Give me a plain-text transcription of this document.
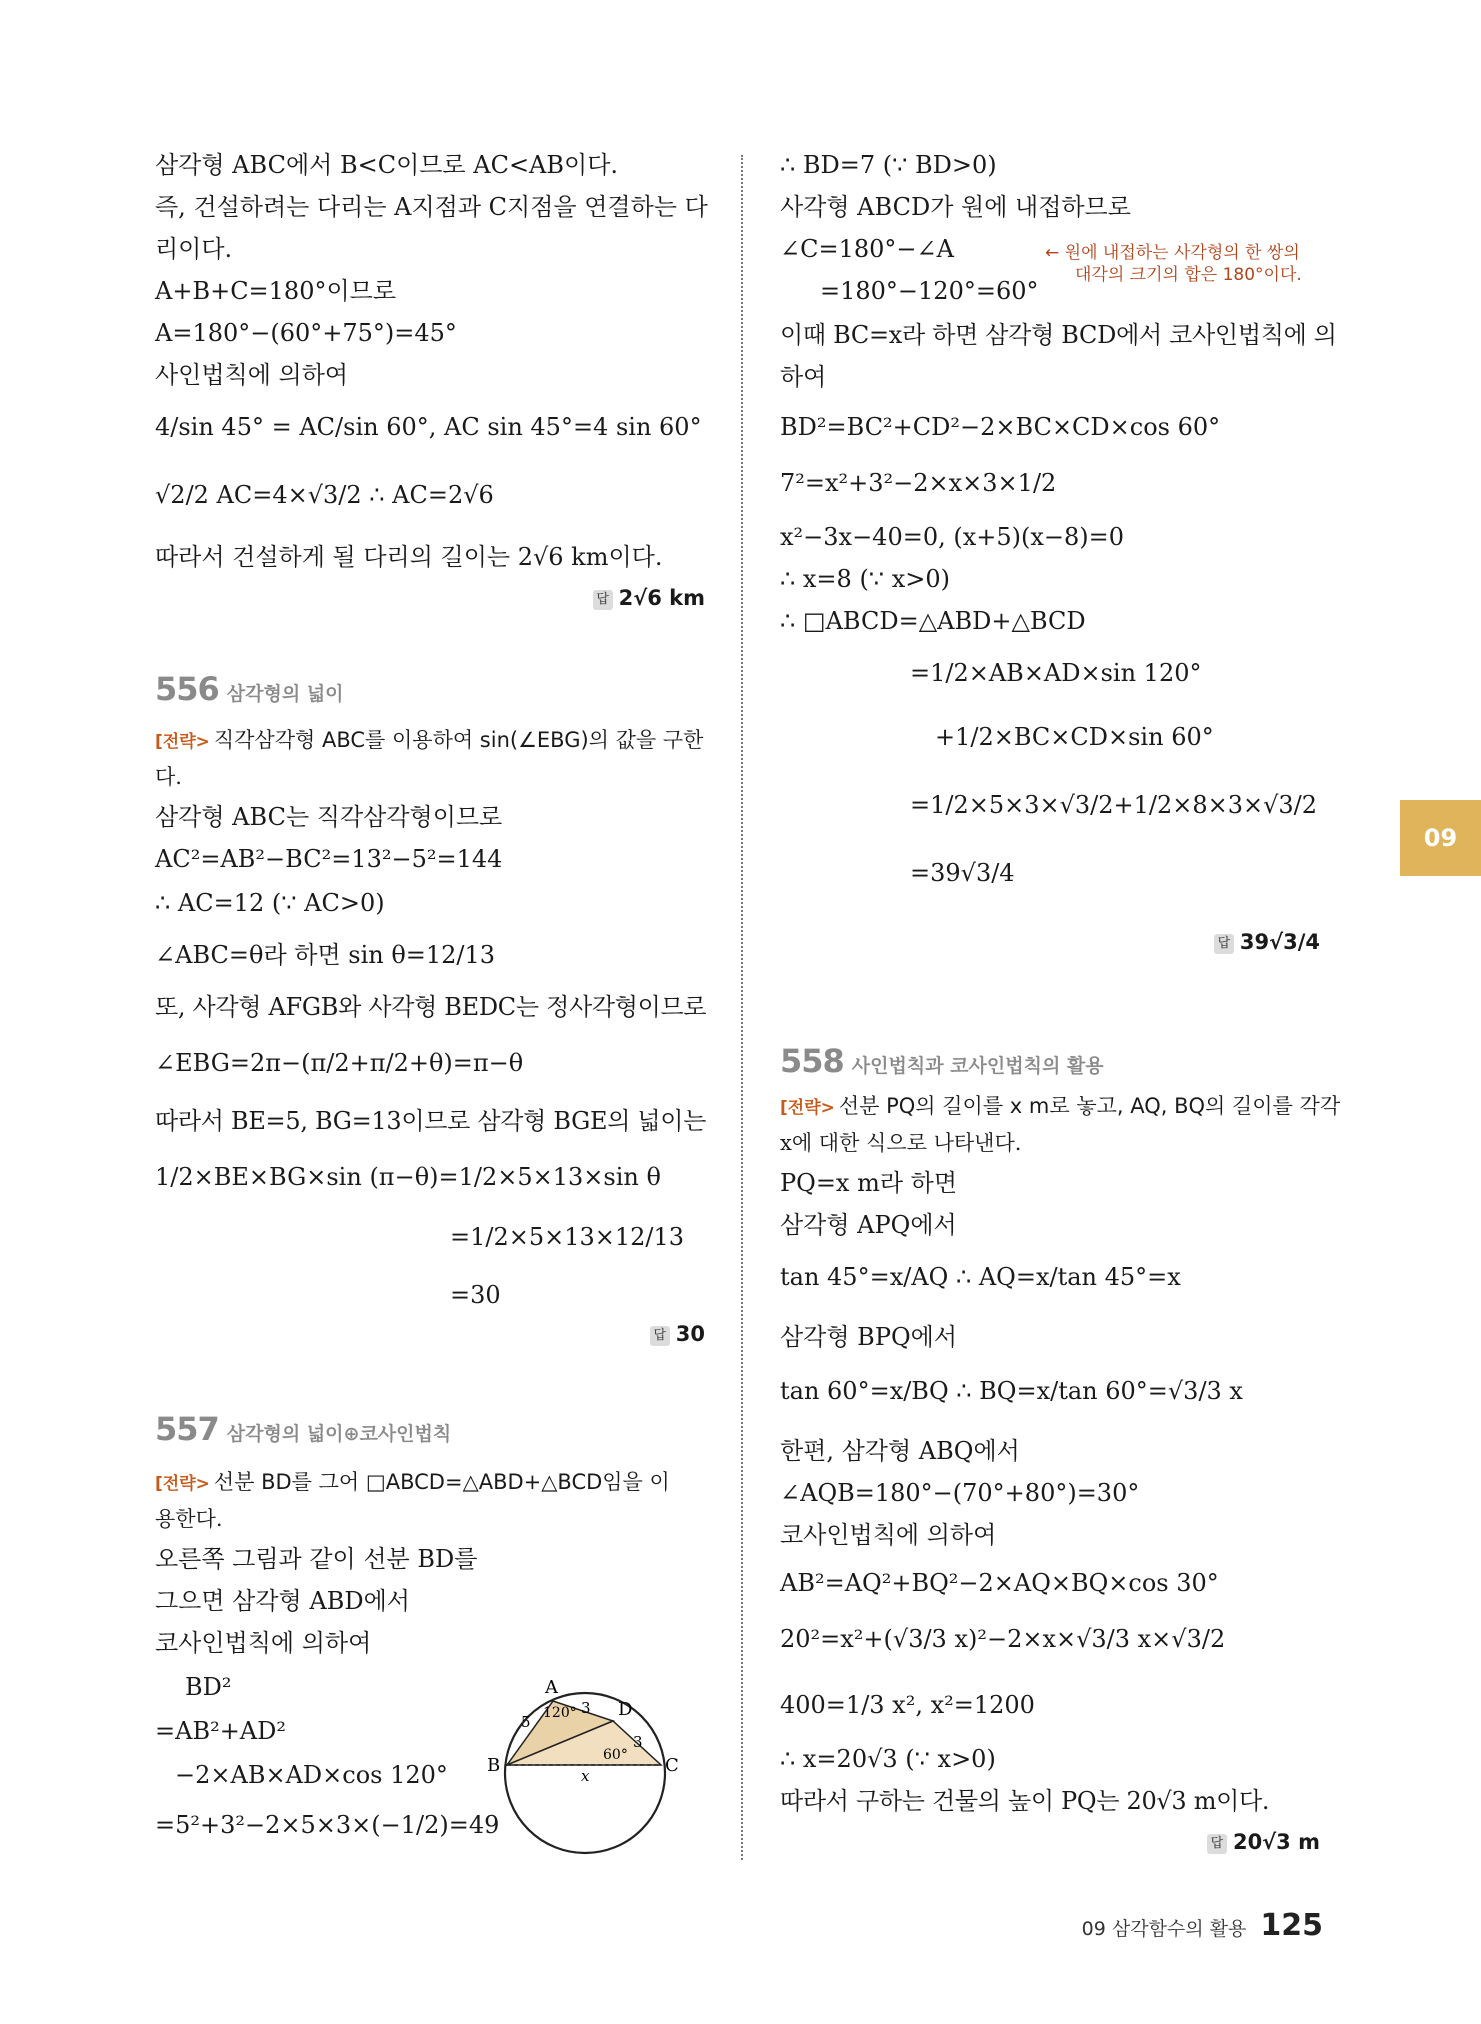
삼각형 ABC에서 B<C이므로 AC<AB이다.
즉, 건설하려는 다리는 A지점과 C지점을 연결하는 다
리이다.
A+B+C=180°이므로
A=180°−(60°+75°)=45°
사인법칙에 의하여
4/sin 45° = AC/sin 60°, AC sin 45°=4 sin 60°
√2/2 AC=4×√3/2 ∴ AC=2√6
따라서 건설하게 될 다리의 길이는 2√6 km이다.
답 2√6 km
556 삼각형의 넓이
[전략> 직각삼각형 ABC를 이용하여 sin(∠EBG)의 값을 구한
다.
삼각형 ABC는 직각삼각형이므로
AC²=AB²−BC²=13²−5²=144
∴ AC=12 (∵ AC>0)
∠ABC=θ라 하면 sin θ=12/13
또, 사각형 AFGB와 사각형 BEDC는 정사각형이므로
∠EBG=2π−(π/2+π/2+θ)=π−θ
따라서 BE=5, BG=13이므로 삼각형 BGE의 넓이는
1/2×BE×BG×sin (π−θ)=1/2×5×13×sin θ
=1/2×5×13×12/13
=30
답 30
557 삼각형의 넓이⊕코사인법칙
[전략> 선분 BD를 그어 □ABCD=△ABD+△BCD임을 이
용한다.
오른쪽 그림과 같이 선분 BD를
그으면 삼각형 ABD에서
코사인법칙에 의하여
BD²
=AB²+AD²
−2×AB×AD×cos 120°
=5²+3²−2×5×3×(−1/2)=49
A
B	C
D
5
3
3
120°
60°
x
∴ BD=7 (∵ BD>0)
사각형 ABCD가 원에 내접하므로
∠C=180°−∠A
=180°−120°=60°
← 원에 내접하는 사각형의 한 쌍의
대각의 크기의 합은 180°이다.
이때 BC=x라 하면 삼각형 BCD에서 코사인법칙에 의
하여
BD²=BC²+CD²−2×BC×CD×cos 60°
7²=x²+3²−2×x×3×1/2
x²−3x−40=0, (x+5)(x−8)=0
∴ x=8 (∵ x>0)
∴ □ABCD=△ABD+△BCD
=1/2×AB×AD×sin 120°
+1/2×BC×CD×sin 60°
=1/2×5×3×√3/2+1/2×8×3×√3/2
=39√3/4
답 39√3/4
558 사인법칙과 코사인법칙의 활용
[전략> 선분 PQ의 길이를 x m로 놓고, AQ, BQ의 길이를 각각
x에 대한 식으로 나타낸다.
PQ=x m라 하면
삼각형 APQ에서
tan 45°=x/AQ ∴ AQ=x/tan 45°=x
삼각형 BPQ에서
tan 60°=x/BQ ∴ BQ=x/tan 60°=√3/3 x
한편, 삼각형 ABQ에서
∠AQB=180°−(70°+80°)=30°
코사인법칙에 의하여
AB²=AQ²+BQ²−2×AQ×BQ×cos 30°
20²=x²+(√3/3 x)²−2×x×√3/3 x×√3/2
400=1/3 x², x²=1200
∴ x=20√3 (∵ x>0)
따라서 구하는 건물의 높이 PQ는 20√3 m이다.
답 20√3 m
09
09 삼각함수의 활용 125
